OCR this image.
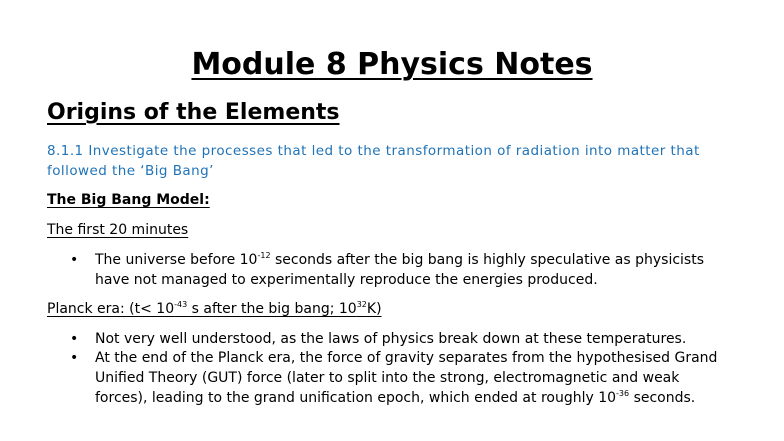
Module 8 Physics Notes
Origins of the Elements
8.1.1 Investigate the processes that led to the transformation of radiation into matter that followed the ‘Big Bang’
The Big Bang Model:
The first 20 minutes
• The universe before $10^{-12}$ seconds after the big bang is highly speculative as physicists have not managed to experimentally reproduce the energies produced.
Planck era: ($t< 10^{-43}$ s after the big bang; $10^{32}K$)
• Not very well understood, as the laws of physics break down at these temperatures.
• At the end of the Planck era, the force of gravity separates from the hypothesised Grand Unified Theory (GUT) force (later to split into the strong, electromagnetic and weak forces), leading to the grand unification epoch, which ended at roughly $10^{-36}$ seconds.
